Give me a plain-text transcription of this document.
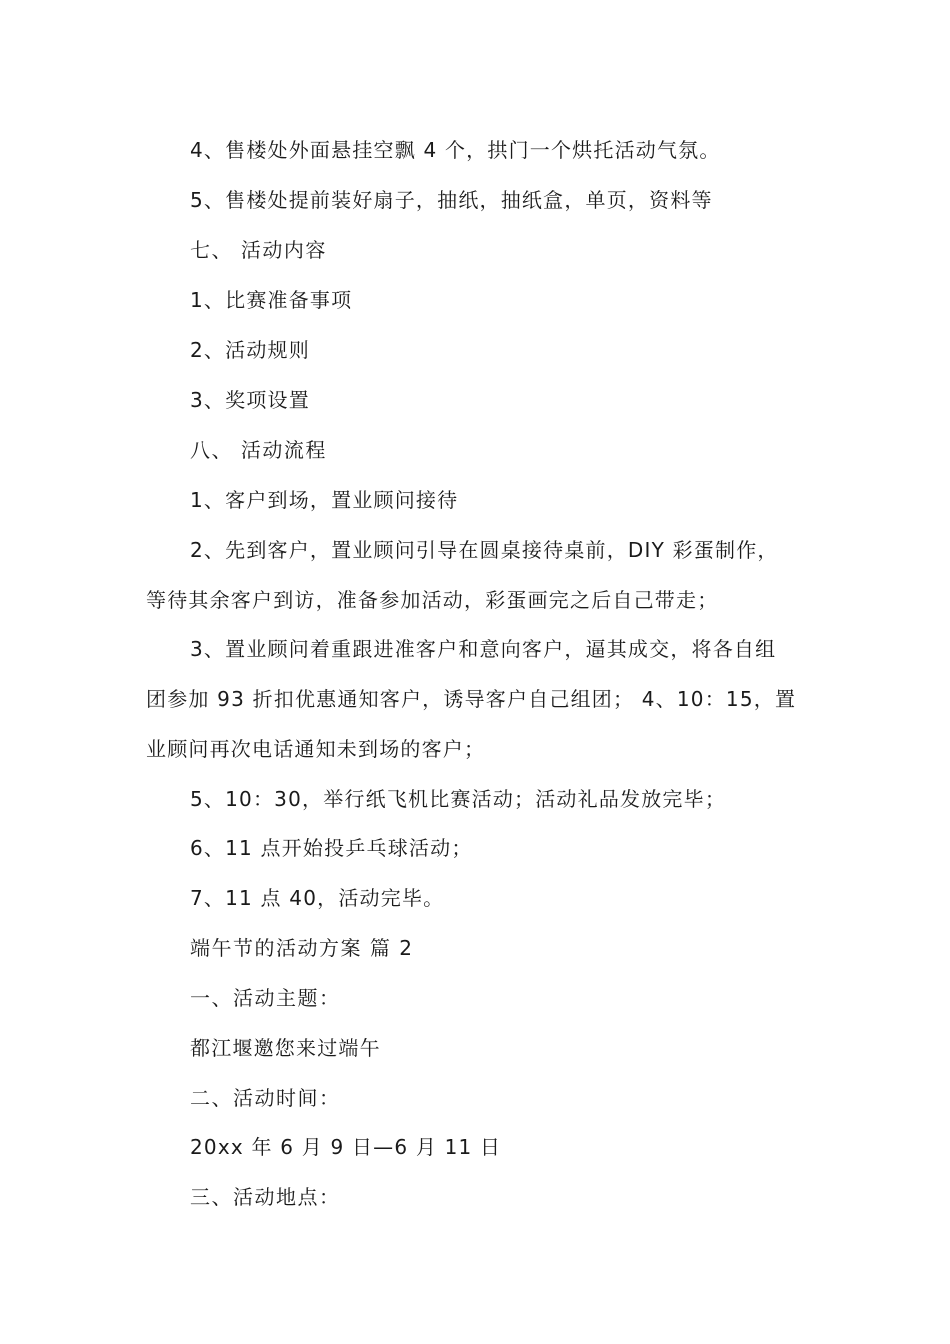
4、售楼处外面悬挂空飘 4 个，拱门一个烘托活动气氛。
5、售楼处提前装好扇子，抽纸，抽纸盒，单页，资料等
七、 活动内容
1、比赛准备事项
2、活动规则
3、奖项设置
八、 活动流程
1、客户到场，置业顾问接待
2、先到客户，置业顾问引导在圆桌接待桌前，DIY 彩蛋制作，
等待其余客户到访，准备参加活动，彩蛋画完之后自己带走；
3、置业顾问着重跟进准客户和意向客户，逼其成交，将各自组
团参加 93 折扣优惠通知客户，诱导客户自己组团； 4、10：15，置
业顾问再次电话通知未到场的客户；
5、10：30，举行纸飞机比赛活动；活动礼品发放完毕；
6、11 点开始投乒乓球活动；
7、11 点 40，活动完毕。
端午节的活动方案 篇 2
一、活动主题：
都江堰邀您来过端午
二、活动时间：
20xx 年 6 月 9 日—6 月 11 日
三、活动地点：
